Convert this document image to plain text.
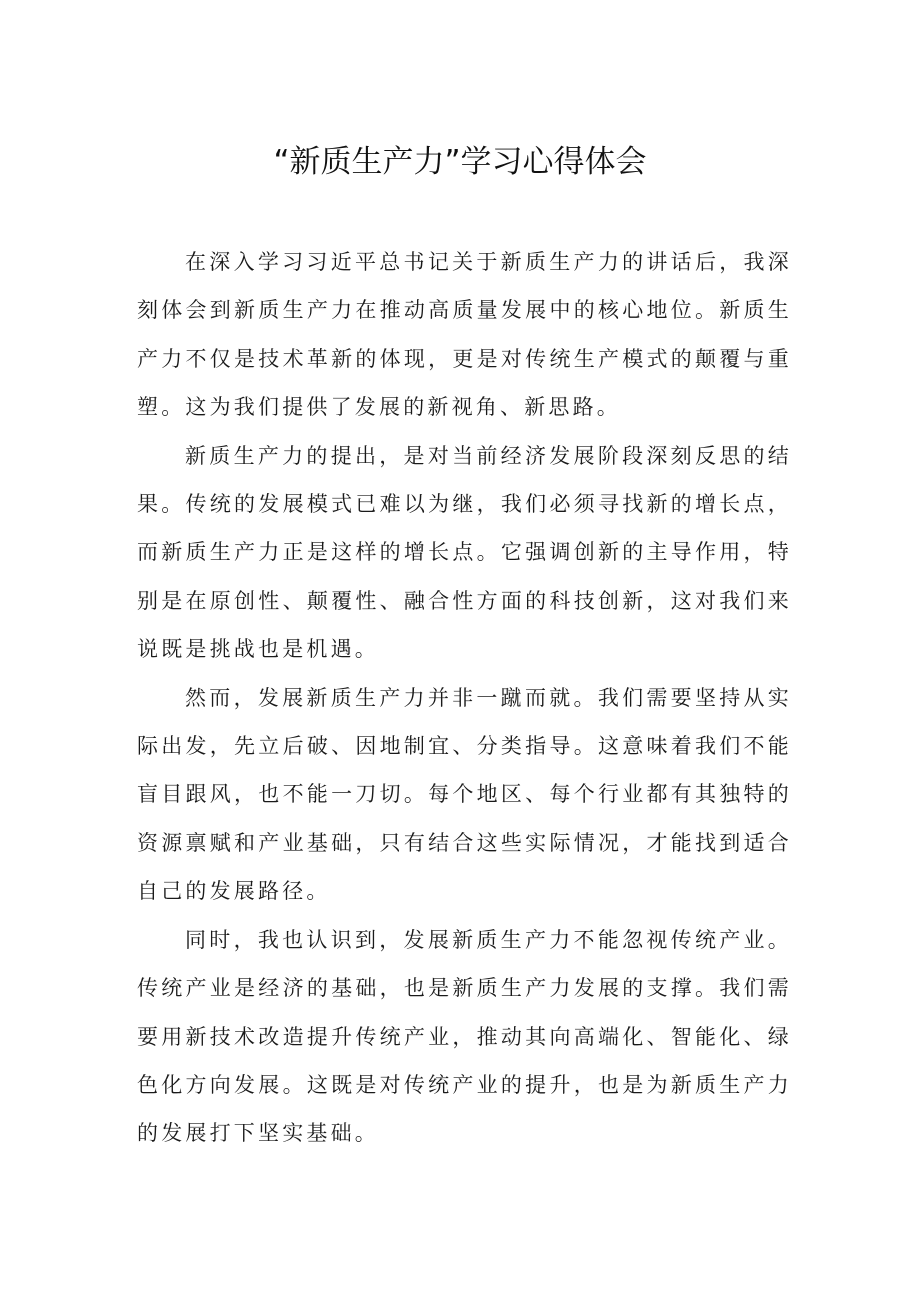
“新质生产力”学习心得体会

在深入学习习近平总书记关于新质生产力的讲话后，我深刻体会到新质生产力在推动高质量发展中的核心地位。新质生产力不仅是技术革新的体现，更是对传统生产模式的颠覆与重塑。这为我们提供了发展的新视角、新思路。

新质生产力的提出，是对当前经济发展阶段深刻反思的结果。传统的发展模式已难以为继，我们必须寻找新的增长点，而新质生产力正是这样的增长点。它强调创新的主导作用，特别是在原创性、颠覆性、融合性方面的科技创新，这对我们来说既是挑战也是机遇。

然而，发展新质生产力并非一蹴而就。我们需要坚持从实际出发，先立后破、因地制宜、分类指导。这意味着我们不能盲目跟风，也不能一刀切。每个地区、每个行业都有其独特的资源禀赋和产业基础，只有结合这些实际情况，才能找到适合自己的发展路径。

同时，我也认识到，发展新质生产力不能忽视传统产业。传统产业是经济的基础，也是新质生产力发展的支撑。我们需要用新技术改造提升传统产业，推动其向高端化、智能化、绿色化方向发展。这既是对传统产业的提升，也是为新质生产力的发展打下坚实基础。
